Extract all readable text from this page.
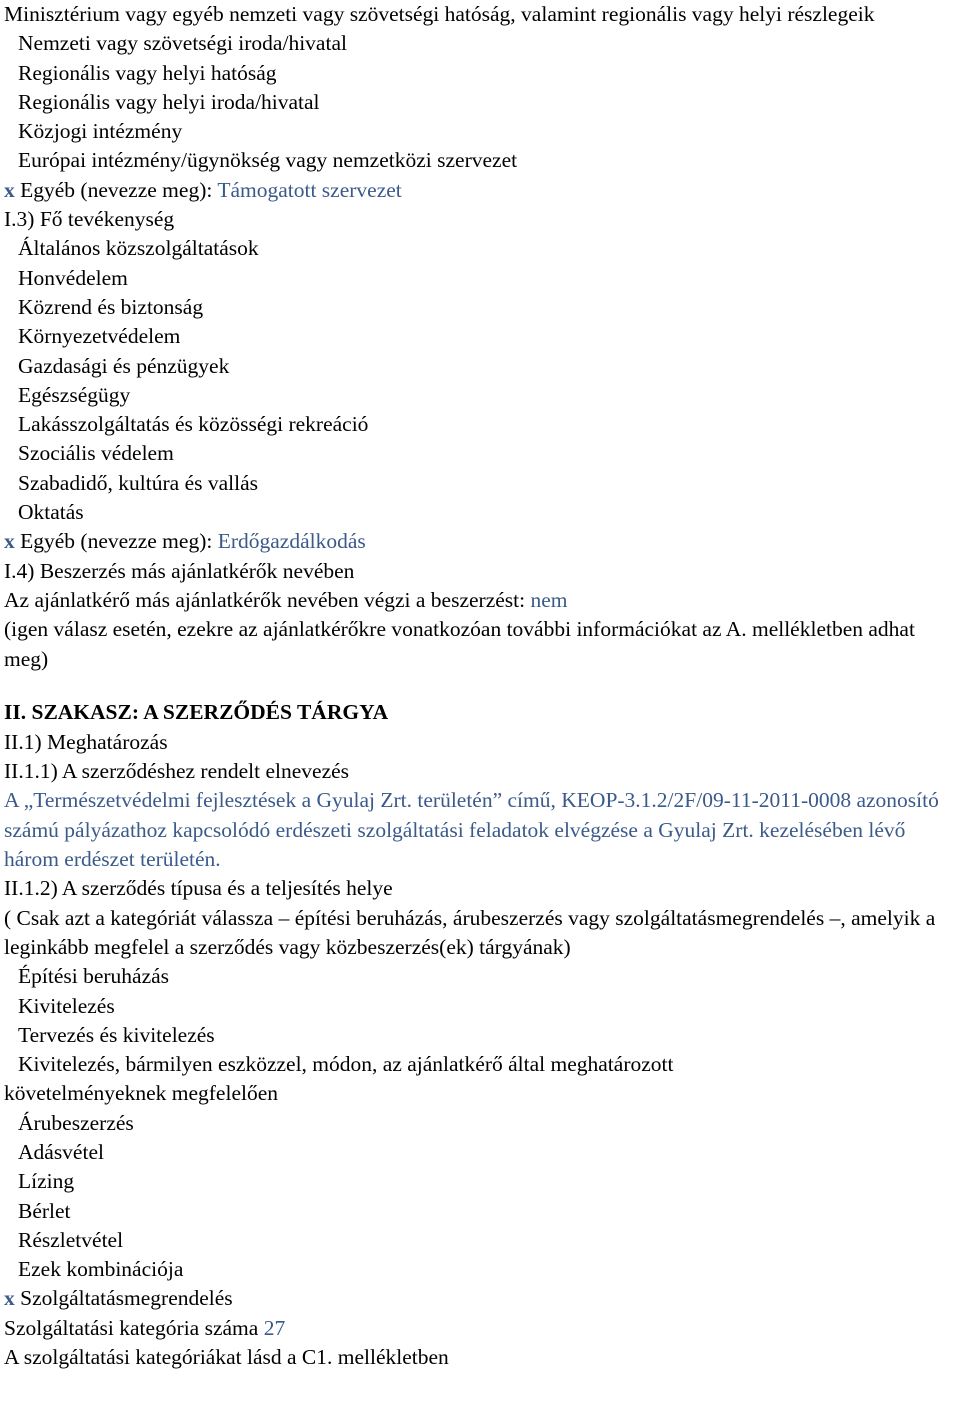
Minisztérium vagy egyéb nemzeti vagy szövetségi hatóság, valamint regionális vagy helyi részlegeik
Nemzeti vagy szövetségi iroda/hivatal
Regionális vagy helyi hatóság
Regionális vagy helyi iroda/hivatal
Közjogi intézmény
Európai intézmény/ügynökség vagy nemzetközi szervezet
x Egyéb (nevezze meg): Támogatott szervezet
I.3) Fő tevékenység
Általános közszolgáltatások
Honvédelem
Közrend és biztonság
Környezetvédelem
Gazdasági és pénzügyek
Egészségügy
Lakásszolgáltatás és közösségi rekreáció
Szociális védelem
Szabadidő, kultúra és vallás
Oktatás
x Egyéb (nevezze meg): Erdőgazdálkodás
I.4) Beszerzés más ajánlatkérők nevében
Az ajánlatkérő más ajánlatkérők nevében végzi a beszerzést: nem
(igen válasz esetén, ezekre az ajánlatkérőkre vonatkozóan további információkat az A. mellékletben adhat meg)
II. SZAKASZ: A SZERZŐDÉS TÁRGYA
II.1) Meghatározás
II.1.1) A szerződéshez rendelt elnevezés
A „Természetvédelmi fejlesztések a Gyulaj Zrt. területén” című, KEOP-3.1.2/2F/09-11-2011-0008 azonosító számú pályázathoz kapcsolódó erdészeti szolgáltatási feladatok elvégzése a Gyulaj Zrt. kezelésében lévő három erdészet területén.
II.1.2) A szerződés típusa és a teljesítés helye
( Csak azt a kategóriát válassza – építési beruházás, árubeszerzés vagy szolgáltatásmegrendelés –, amelyik a leginkább megfelel a szerződés vagy közbeszerzés(ek) tárgyának)
Építési beruházás
Kivitelezés
Tervezés és kivitelezés
Kivitelezés, bármilyen eszközzel, módon, az ajánlatkérő által meghatározott
követelményeknek megfelelően
Árubeszerzés
Adásvétel
Lízing
Bérlet
Részletvétel
Ezek kombinációja
x Szolgáltatásmegrendelés
Szolgáltatási kategória száma 27
A szolgáltatási kategóriákat lásd a C1. mellékletben
